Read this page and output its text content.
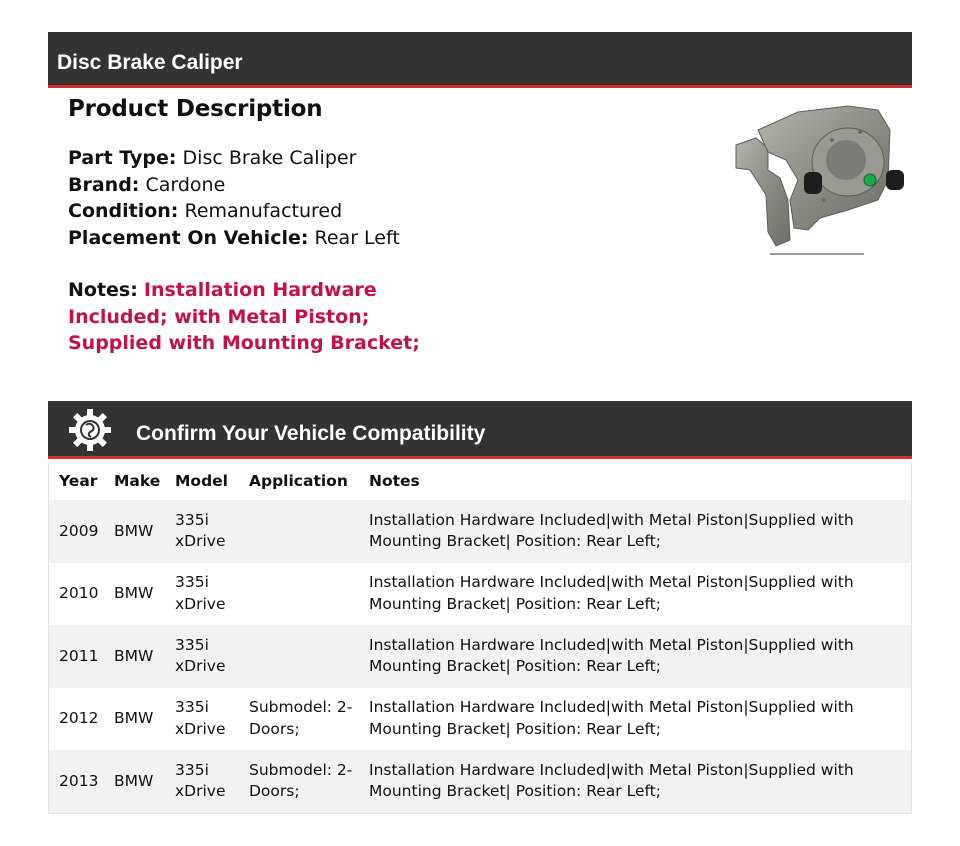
Disc Brake Caliper
Product Description
Part Type: Disc Brake Caliper
Brand: Cardone
Condition: Remanufactured
Placement On Vehicle: Rear Left
Notes: Installation Hardware Included; with Metal Piston; Supplied with Mounting Bracket;
Confirm Your Vehicle Compatibility
Year	Make	Model	Application	Notes
2009	BMW	335i xDrive		Installation Hardware Included|with Metal Piston|Supplied with Mounting Bracket| Position: Rear Left;
2010	BMW	335i xDrive		Installation Hardware Included|with Metal Piston|Supplied with Mounting Bracket| Position: Rear Left;
2011	BMW	335i xDrive		Installation Hardware Included|with Metal Piston|Supplied with Mounting Bracket| Position: Rear Left;
2012	BMW	335i xDrive	Submodel: 2-Doors;	Installation Hardware Included|with Metal Piston|Supplied with Mounting Bracket| Position: Rear Left;
2013	BMW	335i xDrive	Submodel: 2-Doors;	Installation Hardware Included|with Metal Piston|Supplied with Mounting Bracket| Position: Rear Left;
